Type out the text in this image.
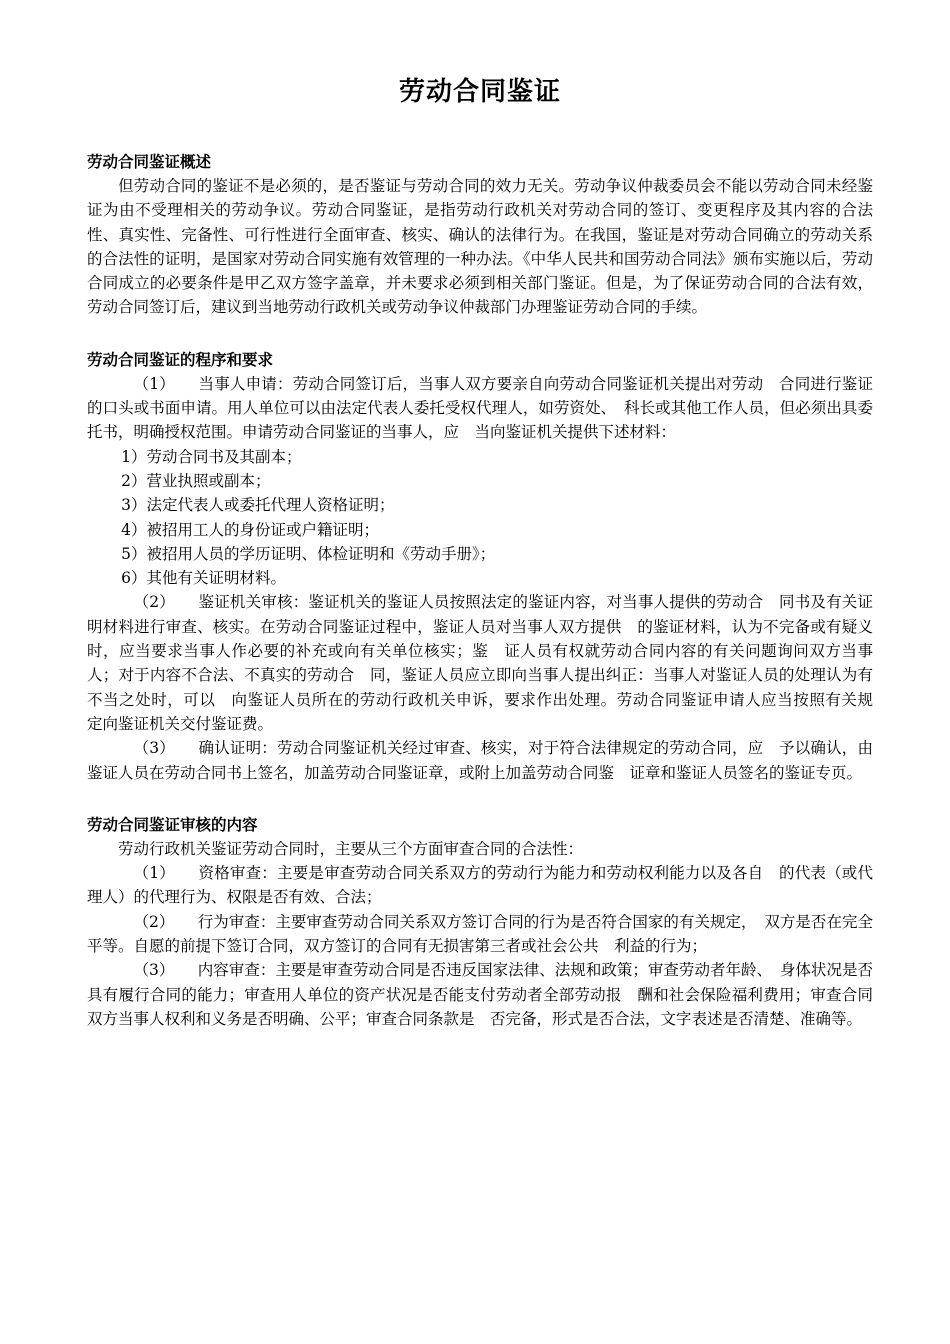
劳动合同鉴证

劳动合同鉴证概述

但劳动合同的鉴证不是必须的，是否鉴证与劳动合同的效力无关。劳动争议仲裁委员会不能以劳动合同未经鉴证为由不受理相关的劳动争议。劳动合同鉴证，是指劳动行政机关对劳动合同的签订、变更程序及其内容的合法性、真实性、完备性、可行性进行全面审查、核实、确认的法律行为。在我国，鉴证是对劳动合同确立的劳动关系的合法性的证明，是国家对劳动合同实施有效管理的一种办法。《中华人民共和国劳动合同法》颁布实施以后，劳动合同成立的必要条件是甲乙双方签字盖章，并未要求必须到相关部门鉴证。但是，为了保证劳动合同的合法有效，劳动合同签订后，建议到当地劳动行政机关或劳动争议仲裁部门办理鉴证劳动合同的手续。

劳动合同鉴证的程序和要求

（1）　　当事人申请：劳动合同签订后，当事人双方要亲自向劳动合同鉴证机关提出对劳动　合同进行鉴证的口头或书面申请。用人单位可以由法定代表人委托受权代理人，如劳资处、　科长或其他工作人员，但必须出具委托书，明确授权范围。申请劳动合同鉴证的当事人，应　当向鉴证机关提供下述材料：

1）劳动合同书及其副本；
2）营业执照或副本；
3）法定代表人或委托代理人资格证明；
4）被招用工人的身份证或户籍证明；
5）被招用人员的学历证明、体检证明和《劳动手册》；
6）其他有关证明材料。

（2）　　鉴证机关审核：鉴证机关的鉴证人员按照法定的鉴证内容，对当事人提供的劳动合　同书及有关证明材料进行审查、核实。在劳动合同鉴证过程中，鉴证人员对当事人双方提供　的鉴证材料，认为不完备或有疑义时，应当要求当事人作必要的补充或向有关单位核实；鉴　证人员有权就劳动合同内容的有关问题询问双方当事人；对于内容不合法、不真实的劳动合　同，鉴证人员应立即向当事人提出纠正：当事人对鉴证人员的处理认为有不当之处时，可以　向鉴证人员所在的劳动行政机关申诉，要求作出处理。劳动合同鉴证申请人应当按照有关规　定向鉴证机关交付鉴证费。

（3）　　确认证明：劳动合同鉴证机关经过审查、核实，对于符合法律规定的劳动合同，应　予以确认，由鉴证人员在劳动合同书上签名，加盖劳动合同鉴证章，或附上加盖劳动合同鉴　证章和鉴证人员签名的鉴证专页。

劳动合同鉴证审核的内容

劳动行政机关鉴证劳动合同时，主要从三个方面审查合同的合法性：

（1）　　资格审查：主要是审查劳动合同关系双方的劳动行为能力和劳动权利能力以及各自　的代表（或代理人）的代理行为、权限是否有效、合法；

（2）　　行为审查：主要审查劳动合同关系双方签订合同的行为是否符合国家的有关规定，　双方是否在完全平等。自愿的前提下签订合同，双方签订的合同有无损害第三者或社会公共　利益的行为；

（3）　　内容审查：主要是审查劳动合同是否违反国家法律、法规和政策；审查劳动者年龄、　身体状况是否具有履行合同的能力；审查用人单位的资产状况是否能支付劳动者全部劳动报　酬和社会保险福利费用；审查合同双方当事人权利和义务是否明确、公平；审查合同条款是　否完备，形式是否合法，文字表述是否清楚、准确等。
